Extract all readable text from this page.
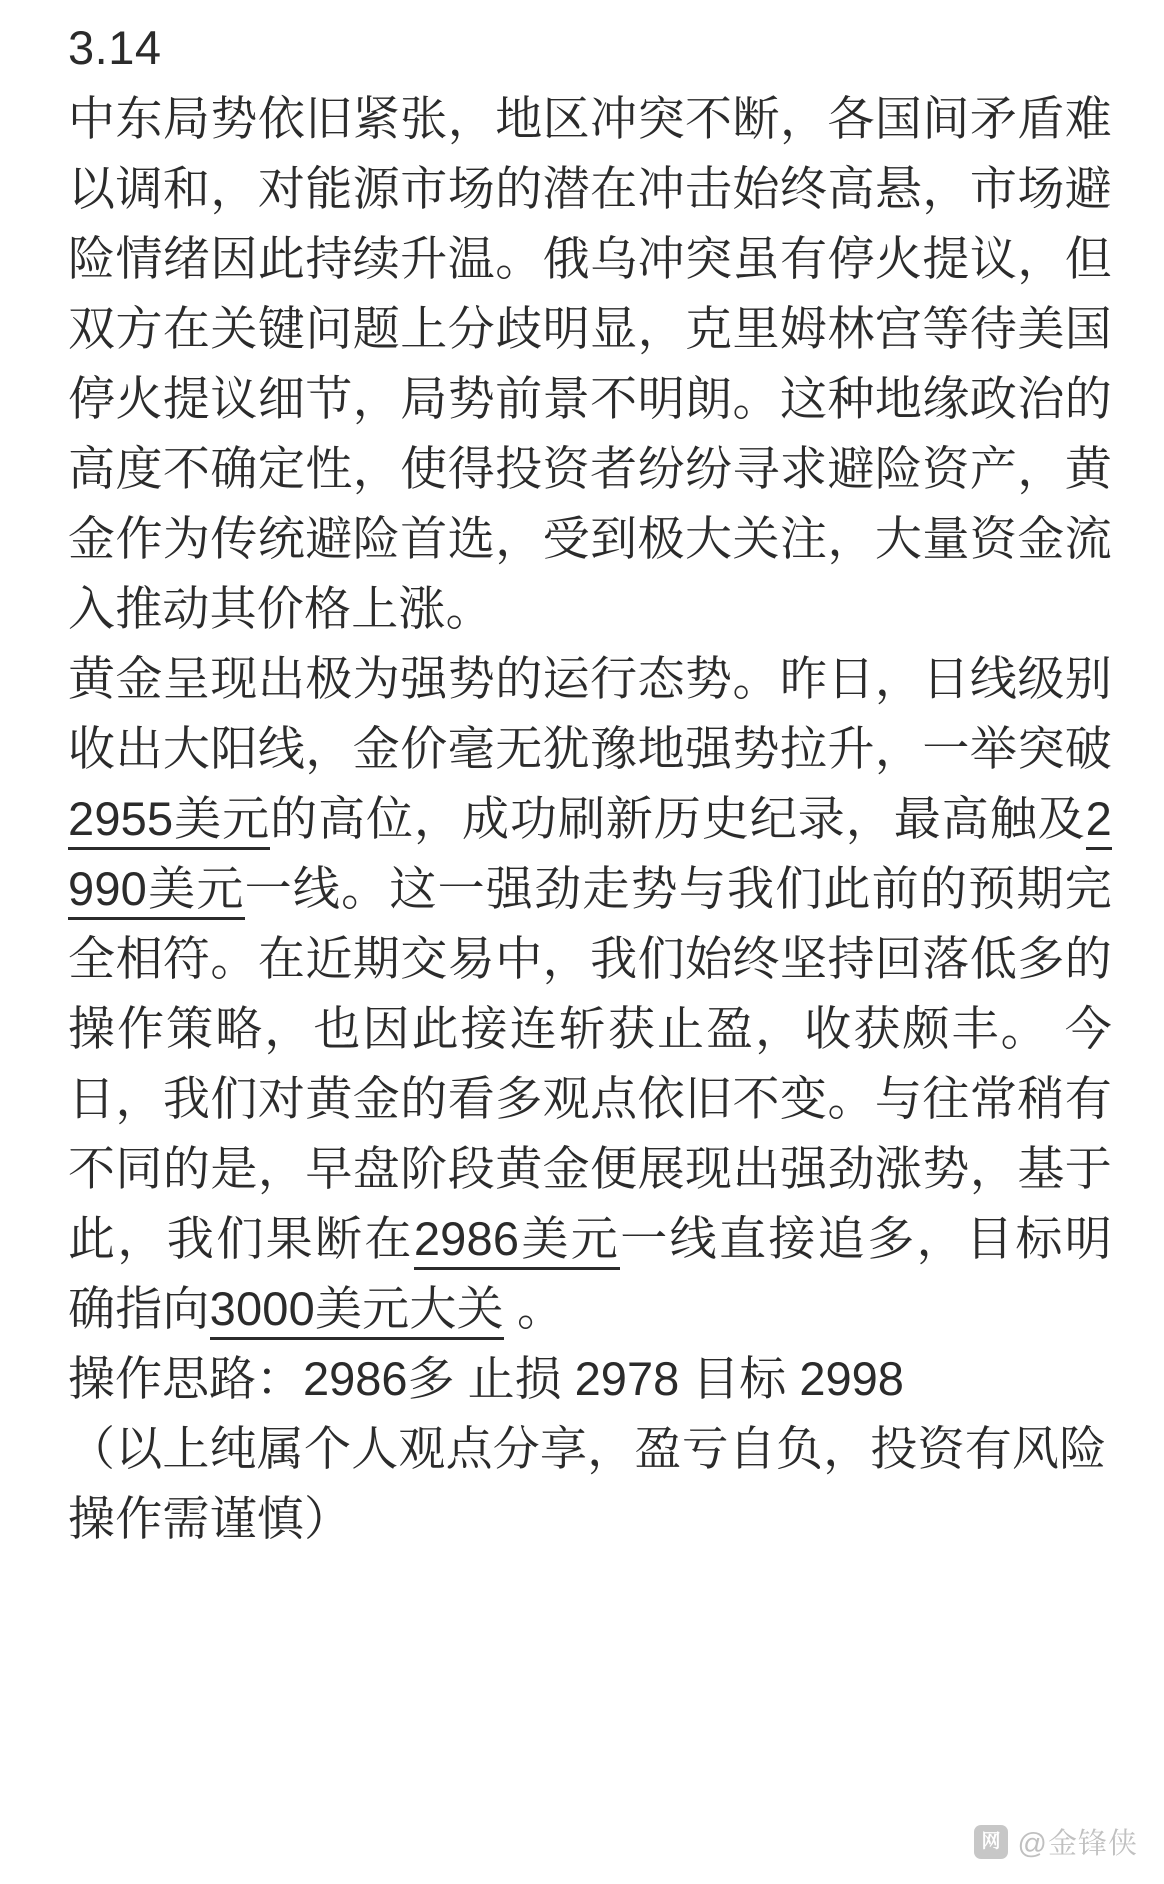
3.14

中东局势依旧紧张，地区冲突不断，各国间矛盾难以调和，对能源市场的潜在冲击始终高悬，市场避险情绪因此持续升温。俄乌冲突虽有停火提议，但双方在关键问题上分歧明显，克里姆林宫等待美国停火提议细节，局势前景不明朗。这种地缘政治的高度不确定性，使得投资者纷纷寻求避险资产，黄金作为传统避险首选，受到极大关注，大量资金流入推动其价格上涨。

黄金呈现出极为强势的运行态势。昨日，日线级别收出大阳线，金价毫无犹豫地强势拉升，一举突破2955美元的高位，成功刷新历史纪录，最高触及2990美元一线。这一强劲走势与我们此前的预期完全相符。在近期交易中，我们始终坚持回落低多的操作策略，也因此接连斩获止盈，收获颇丰。 今日，我们对黄金的看多观点依旧不变。与往常稍有不同的是，早盘阶段黄金便展现出强劲涨势，基于此，我们果断在2986美元一线直接追多，目标明确指向3000美元大关 。

操作思路：2986多 止损 2978 目标 2998

（以上纯属个人观点分享，盈亏自负，投资有风险操作需谨慎）

网 @金锋侠
